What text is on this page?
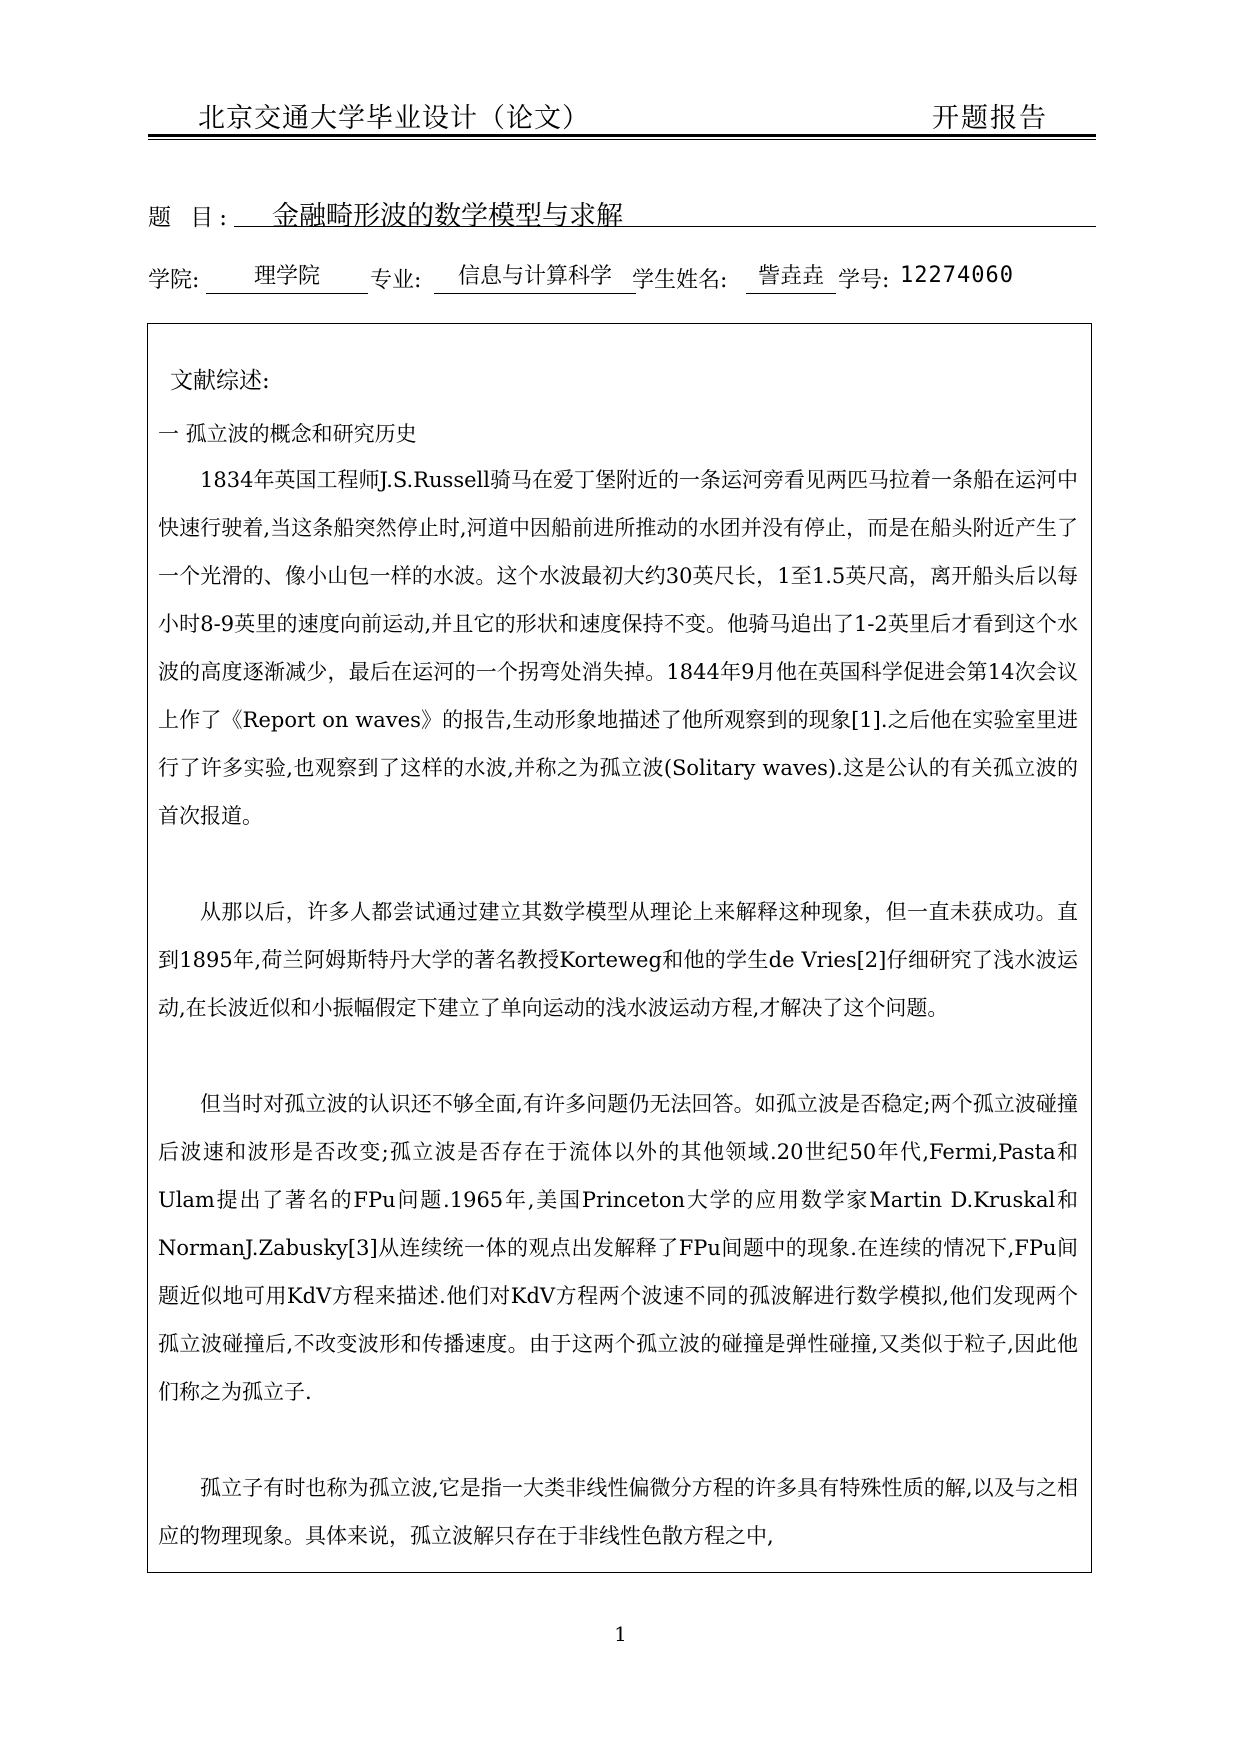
北京交通大学毕业设计（论文）	开题报告
题 目: 金融畸形波的数学模型与求解
学院:	理学院	专业:	信息与计算科学 学生姓名:	訾垚垚 学号: 12274060
文献综述:
一 孤立波的概念和研究历史

1834年英国工程师J.S.Russell骑马在爱丁堡附近的一条运河旁看见两匹马拉着一条船在运河中快速行驶着,当这条船突然停止时,河道中因船前进所推动的水团并没有停止，而是在船头附近产生了一个光滑的、像小山包一样的水波。这个水波最初大约30英尺长，1至1.5英尺高，离开船头后以每小时8-9英里的速度向前运动,并且它的形状和速度保持不变。他骑马追出了1-2英里后才看到这个水波的高度逐渐减少，最后在运河的一个拐弯处消失掉。1844年9月他在英国科学促进会第14次会议上作了《Report on waves》的报告,生动形象地描述了他所观察到的现象[1].之后他在实验室里进行了许多实验,也观察到了这样的水波,并称之为孤立波(Solitary waves).这是公认的有关孤立波的首次报道。

从那以后，许多人都尝试通过建立其数学模型从理论上来解释这种现象，但一直未获成功。直到1895年,荷兰阿姆斯特丹大学的著名教授Korteweg和他的学生de Vries[2]仔细研究了浅水波运动,在长波近似和小振幅假定下建立了单向运动的浅水波运动方程,才解决了这个问题。

但当时对孤立波的认识还不够全面,有许多问题仍无法回答。如孤立波是否稳定;两个孤立波碰撞后波速和波形是否改变;孤立波是否存在于流体以外的其他领域.20世纪50年代,Fermi,Pasta和Ulam提出了著名的FPu问题.1965年,美国Princeton大学的应用数学家Martin D.Kruskal和NormanJ.Zabusky[3]从连续统一体的观点出发解释了FPu间题中的现象.在连续的情况下,FPu间题近似地可用KdV方程来描述.他们对KdV方程两个波速不同的孤波解进行数学模拟,他们发现两个孤立波碰撞后,不改变波形和传播速度。由于这两个孤立波的碰撞是弹性碰撞,又类似于粒子,因此他们称之为孤立子.

孤立子有时也称为孤立波,它是指一大类非线性偏微分方程的许多具有特殊性质的解,以及与之相应的物理现象。具体来说，孤立波解只存在于非线性色散方程之中,

1
